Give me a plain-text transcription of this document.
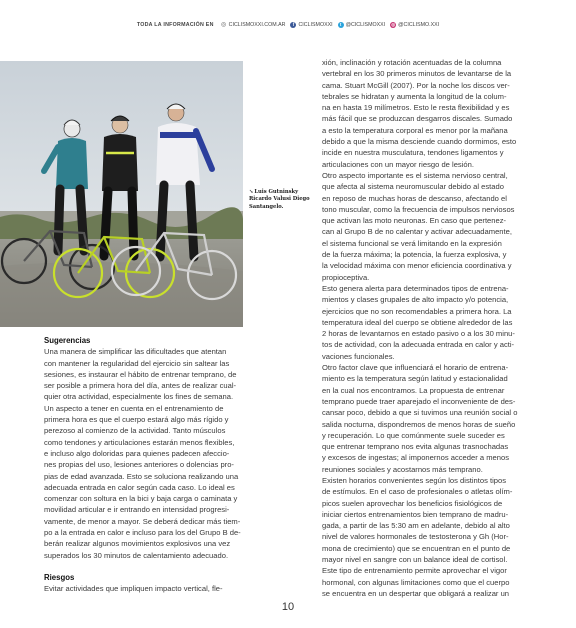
TODA LA INFORMACIÓN EN ◎ CICLISMOXXI.COM.AR	f CICLISMOXXI	t @CICLISMOXXI ◎ @CICLISMO.XXI
↘Luis Gutninsky Ricardo Valusi Diego Santangelo.

Sugerencias

Una manera de simplificar las dificultades que atentan
con mantener la regularidad del ejercicio sin saltear las
sesiones, es instaurar el hábito de entrenar temprano, de
ser posible a primera hora del día, antes de realizar cual-
quier otra actividad, especialmente los fines de semana.
Un aspecto a tener en cuenta en el entrenamiento de
primera hora es que el cuerpo estará algo más rígido y
perezoso al comienzo de la actividad. Tanto músculos
como tendones y articulaciones estarán menos flexibles,
e incluso algo doloridas para quienes padecen afeccio-
nes propias del uso, lesiones anteriores o dolencias pro-
pias de edad avanzada. Esto se soluciona realizando una
adecuada entrada en calor según cada caso. Lo ideal es
comenzar con soltura en la bici y baja carga o caminata y
movilidad articular e ir entrando en intensidad progresi-
vamente, de menor a mayor. Se deberá dedicar más tiem-
po a la entrada en calor e incluso para los del Grupo B de-
berán realizar algunos movimientos explosivos una vez
superados los 30 minutos de calentamiento adecuado.

Riesgos

Evitar actividades que impliquen impacto vertical, fle-

xión, inclinación y rotación acentuadas de la columna
vertebral en los 30 primeros minutos de levantarse de la
cama. Stuart McGill (2007). Por la noche los discos ver-
tebrales se hidratan y aumenta la longitud de la colum-
na en hasta 19 milímetros. Esto le resta flexibilidad y es
más fácil que se produzcan desgarros discales. Sumado
a esto la temperatura corporal es menor por la mañana
debido a que la misma desciende cuando dormimos, esto
incide en nuestra musculatura, tendones ligamentos y
articulaciones con un mayor riesgo de lesión.

Otro aspecto importante es el sistema nervioso central,
que afecta al sistema neuromuscular debido al estado
en reposo de muchas horas de descanso, afectando el
tono muscular, como la frecuencia de impulsos nerviosos
que activan las moto neuronas. En caso que pertenez-
can al Grupo B de no calentar y activar adecuadamente,
el sistema funcional se verá limitando en la expresión
de la fuerza máxima; la potencia, la fuerza explosiva, y
la velocidad máxima con menor eficiencia coordinativa y
propioceptiva.

Esto genera alerta para determinados tipos de entrena-
mientos y clases grupales de alto impacto y/o potencia,
ejercicios que no son recomendables a primera hora. La
temperatura ideal del cuerpo se obtiene alrededor de las
2 horas de levantarnos en estado pasivo o a los 30 minu-
tos de actividad, con la adecuada entrada en calor y acti-
vaciones funcionales.

Otro factor clave que influenciará el horario de entrena-
miento es la temperatura según latitud y estacionalidad
en la cual nos encontramos. La propuesta de entrenar
temprano puede traer aparejado el inconveniente de des-
cansar poco, debido a que si tuvimos una reunión social o
salida nocturna, dispondremos de menos horas de sueño
y recuperación. Lo que comúnmente suele suceder es
que entrenar temprano nos evita algunas trasnochadas
y excesos de ingestas; al imponernos acceder a menos
reuniones sociales y acostarnos más temprano.

Existen horarios convenientes según los distintos tipos
de estímulos. En el caso de profesionales o atletas olím-
picos suelen aprovechar los beneficios fisiológicos de
iniciar ciertos entrenamientos bien temprano de madru-
gada, a partir de las 5:30 am en adelante, debido al alto
nivel de valores hormonales de testosterona y Gh (Hor-
mona de crecimiento) que se encuentran en el punto de
mayor nivel en sangre con un balance ideal de cortisol.
Este tipo de entrenamiento permite aprovechar el vigor
hormonal, con algunas limitaciones como que el cuerpo
se encuentra en un despertar que obligará a realizar un

10
